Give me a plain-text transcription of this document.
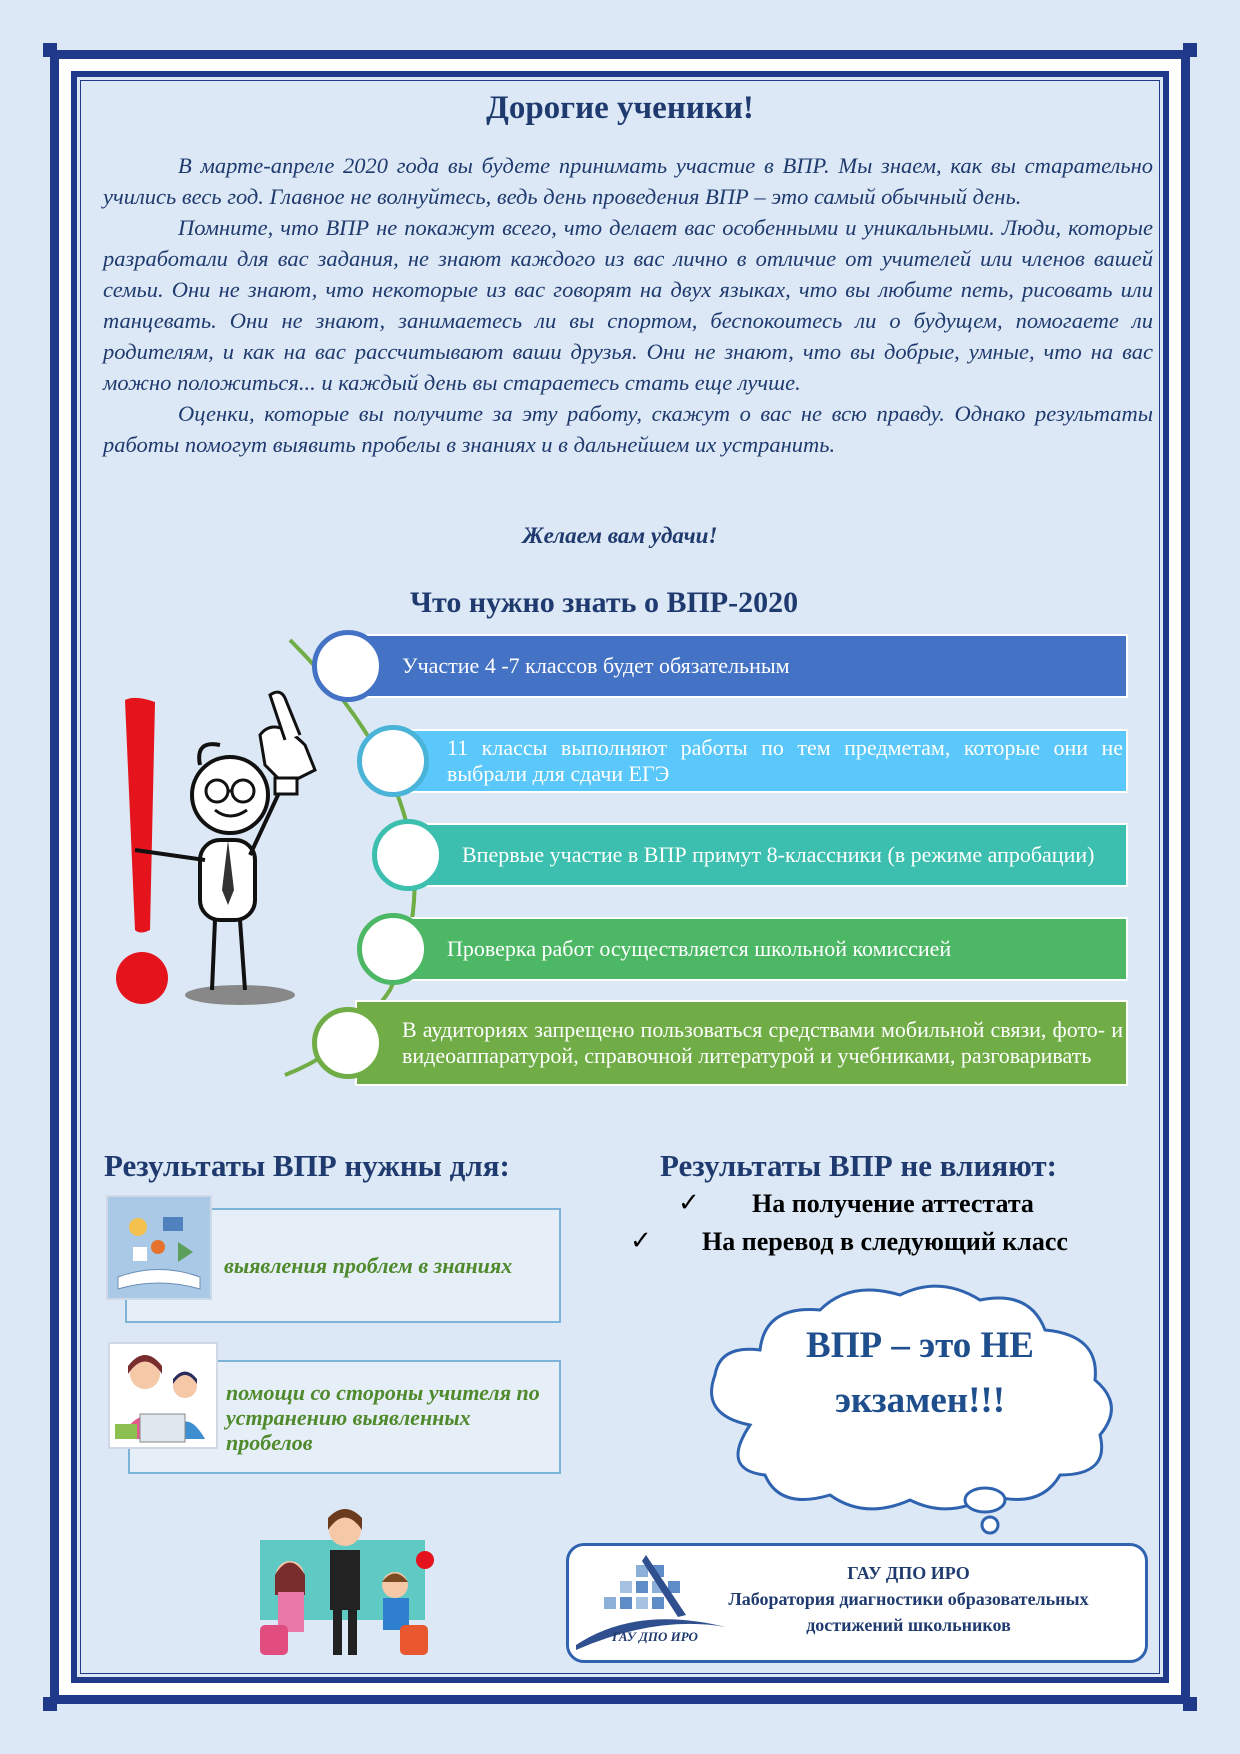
Дорогие ученики!

В марте-апреле 2020 года вы будете принимать участие в ВПР. Мы знаем, как вы старательно учились весь год. Главное не волнуйтесь, ведь день проведения ВПР – это самый обычный день.

Помните, что ВПР не покажут всего, что делает вас особенными и уникальными. Люди, которые разработали для вас задания, не знают каждого из вас лично в отличие от учителей или членов вашей семьи. Они не знают, что некоторые из вас говорят на двух языках, что вы любите петь, рисовать или танцевать. Они не знают, занимаетесь ли вы спортом, беспокоитесь ли о будущем, помогаете ли родителям, и как на вас рассчитывают ваши друзья. Они не знают, что вы добрые, умные, что на вас можно положиться... и каждый день вы стараетесь стать еще лучше.

Оценки, которые вы получите за эту работу, скажут о вас не всю правду. Однако результаты работы помогут выявить пробелы в знаниях и в дальнейшем их устранить.

Желаем вам удачи!
Что нужно знать о ВПР-2020
Участие 4 -7 классов будет обязательным
11 классы выполняют работы по тем предметам, которые они не выбрали для сдачи ЕГЭ
Впервые участие в ВПР примут 8-классники (в режиме апробации)
Проверка работ осуществляется школьной комиссией
В аудиториях запрещено пользоваться средствами мобильной связи, фото- и видеоаппаратурой, справочной литературой и учебниками, разговаривать
Результаты ВПР нужны для:
выявления проблем в знаниях
помощи со стороны учителя по устранению выявленных пробелов
Результаты ВПР не влияют:
✓ На получение аттестата
✓ На перевод в следующий класс
ВПР – это НЕ
экзамен!!!
ГАУ ДПО ИРО
ГАУ ДПО ИРО
Лаборатория диагностики образовательных
достижений школьников
